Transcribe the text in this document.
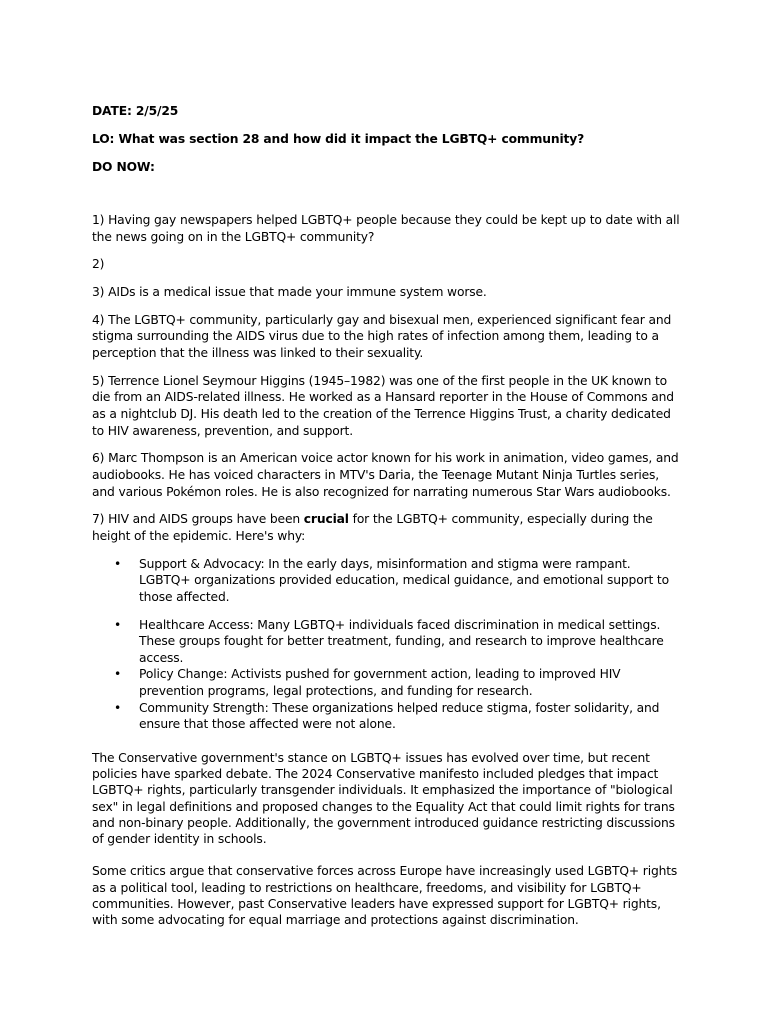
DATE: 2/5/25

LO: What was section 28 and how did it impact the LGBTQ+ community?

DO NOW:

1) Having gay newspapers helped LGBTQ+ people because they could be kept up to date with all the news going on in the LGBTQ+ community?

2)

3) AIDs is a medical issue that made your immune system worse.

4) The LGBTQ+ community, particularly gay and bisexual men, experienced significant fear and stigma surrounding the AIDS virus due to the high rates of infection among them, leading to a perception that the illness was linked to their sexuality.

5) Terrence Lionel Seymour Higgins (1945–1982) was one of the first people in the UK known to die from an AIDS-related illness. He worked as a Hansard reporter in the House of Commons and as a nightclub DJ. His death led to the creation of the Terrence Higgins Trust, a charity dedicated to HIV awareness, prevention, and support.

6) Marc Thompson is an American voice actor known for his work in animation, video games, and audiobooks. He has voiced characters in MTV's Daria, the Teenage Mutant Ninja Turtles series, and various Pokémon roles. He is also recognized for narrating numerous Star Wars audiobooks.

7) HIV and AIDS groups have been crucial for the LGBTQ+ community, especially during the height of the epidemic. Here's why:

• Support & Advocacy: In the early days, misinformation and stigma were rampant. LGBTQ+ organizations provided education, medical guidance, and emotional support to those affected.
• Healthcare Access: Many LGBTQ+ individuals faced discrimination in medical settings. These groups fought for better treatment, funding, and research to improve healthcare access.
• Policy Change: Activists pushed for government action, leading to improved HIV prevention programs, legal protections, and funding for research.
• Community Strength: These organizations helped reduce stigma, foster solidarity, and ensure that those affected were not alone.

The Conservative government's stance on LGBTQ+ issues has evolved over time, but recent policies have sparked debate. The 2024 Conservative manifesto included pledges that impact LGBTQ+ rights, particularly transgender individuals. It emphasized the importance of "biological sex" in legal definitions and proposed changes to the Equality Act that could limit rights for trans and non-binary people. Additionally, the government introduced guidance restricting discussions of gender identity in schools.

Some critics argue that conservative forces across Europe have increasingly used LGBTQ+ rights as a political tool, leading to restrictions on healthcare, freedoms, and visibility for LGBTQ+ communities. However, past Conservative leaders have expressed support for LGBTQ+ rights, with some advocating for equal marriage and protections against discrimination.
